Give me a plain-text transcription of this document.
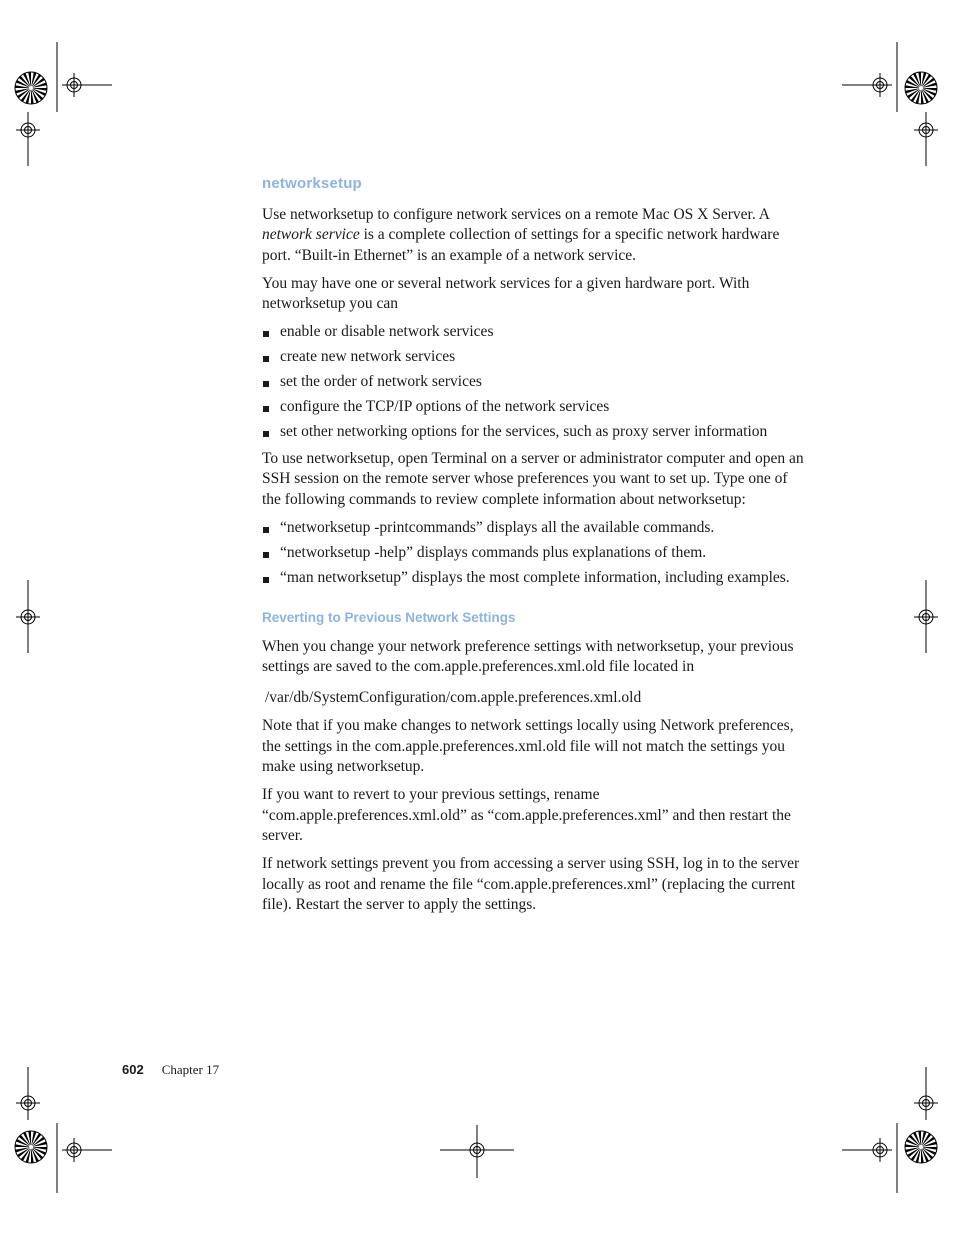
networksetup

Use networksetup to configure network services on a remote Mac OS X Server. A network service is a complete collection of settings for a specific network hardware port. “Built-in Ethernet” is an example of a network service.

You may have one or several network services for a given hardware port. With networksetup you can

enable or disable network services
create new network services
set the order of network services
configure the TCP/IP options of the network services
set other networking options for the services, such as proxy server information

To use networksetup, open Terminal on a server or administrator computer and open an SSH session on the remote server whose preferences you want to set up. Type one of the following commands to review complete information about networksetup:

“networksetup -printcommands” displays all the available commands.
“networksetup -help” displays commands plus explanations of them.
“man networksetup” displays the most complete information, including examples.
Reverting to Previous Network Settings

When you change your network preference settings with networksetup, your previous settings are saved to the com.apple.preferences.xml.old file located in

/var/db/SystemConfiguration/com.apple.preferences.xml.old

Note that if you make changes to network settings locally using Network preferences, the settings in the com.apple.preferences.xml.old file will not match the settings you make using networksetup.

If you want to revert to your previous settings, rename “com.apple.preferences.xml.old” as “com.apple.preferences.xml” and then restart the server.

If network settings prevent you from accessing a server using SSH, log in to the server locally as root and rename the file “com.apple.preferences.xml” (replacing the current file). Restart the server to apply the settings.

602 Chapter 17
